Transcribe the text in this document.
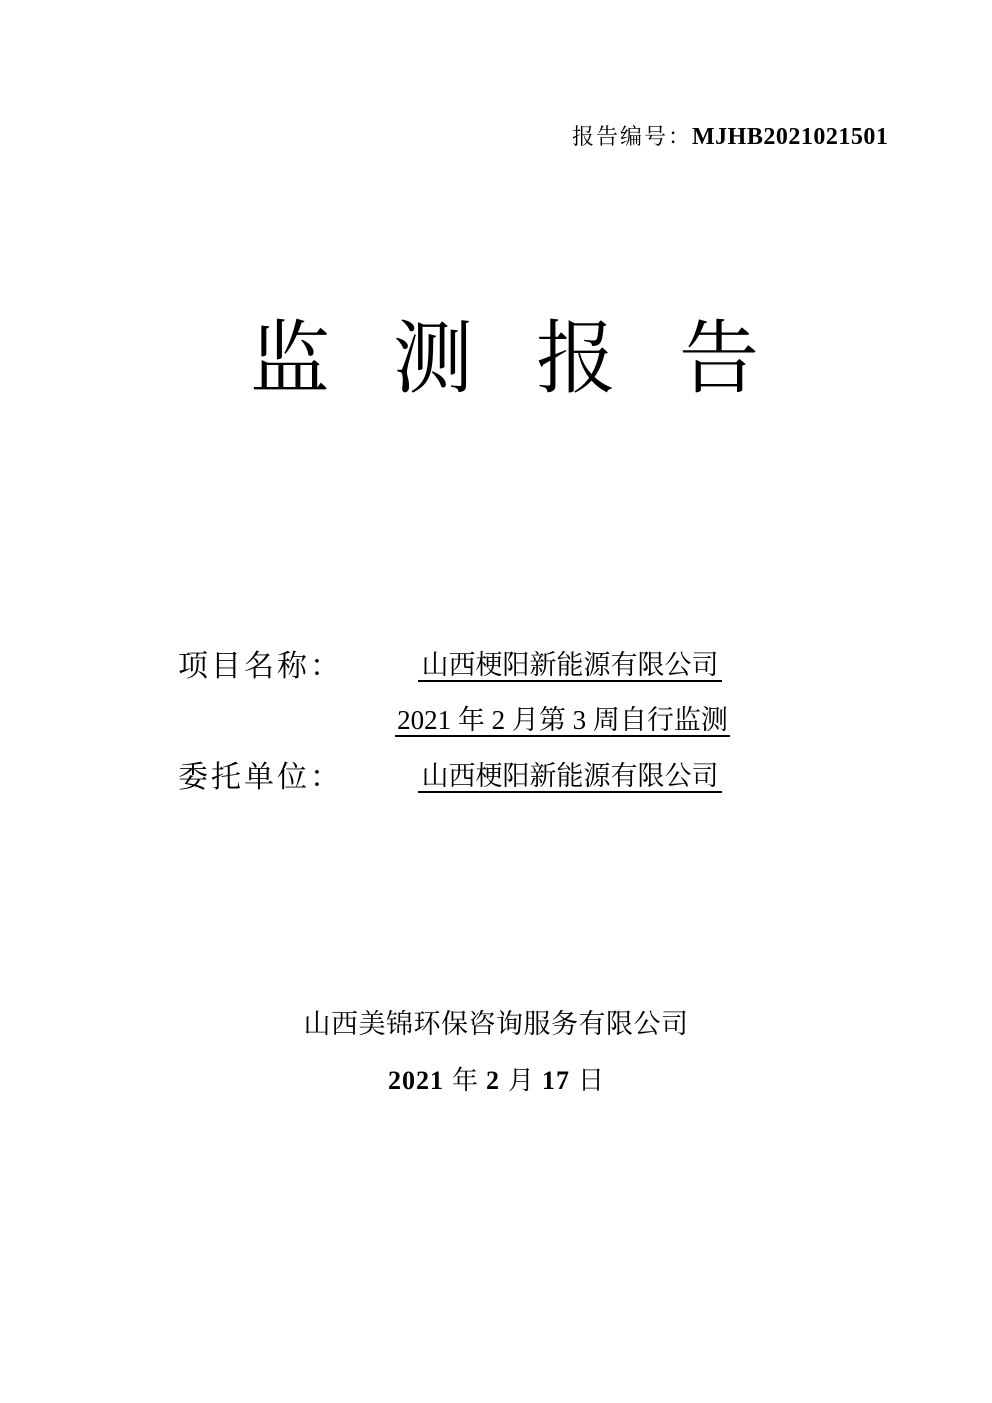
报告编号：MJHB2021021501
监测报告
项目名称：	山西梗阳新能源有限公司
2021 年 2 月第 3 周自行监测
委托单位：	山西梗阳新能源有限公司
山西美锦环保咨询服务有限公司
2021 年 2 月 17 日
